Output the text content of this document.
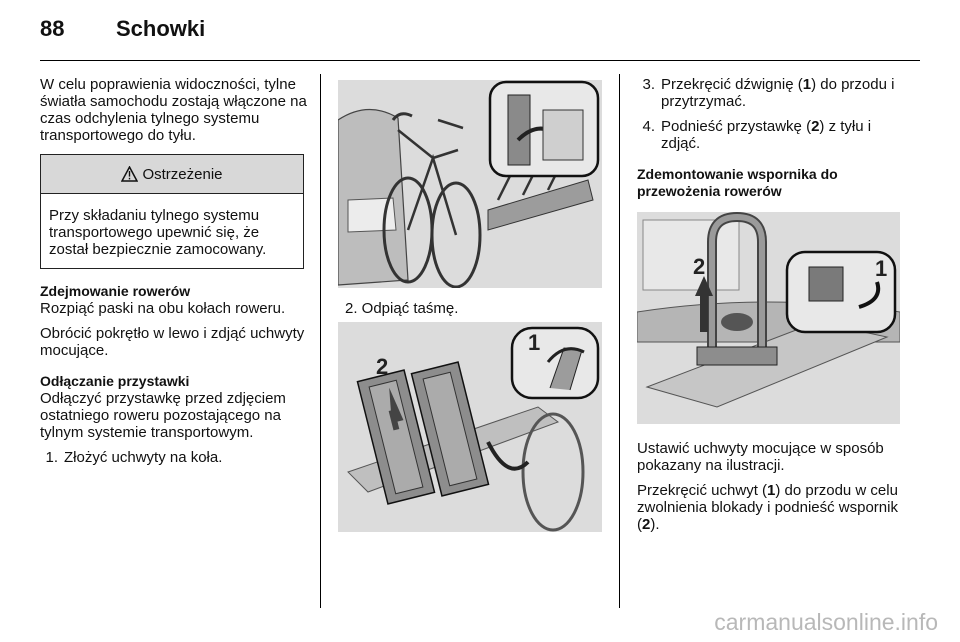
88 Schowki

W celu poprawienia widoczności, tylne światła samochodu zostają włączone na czas odchylenia tylnego systemu transportowego do tyłu.

Ostrzeżenie
Przy składaniu tylnego systemu transportowego upewnić się, że został bezpiecznie zamocowany.
Zdejmowanie rowerów

Rozpiąć paski na obu kołach roweru.

Obrócić pokrętło w lewo i zdjąć uchwyty mocujące.

Odłączanie przystawki

Odłączyć przystawkę przed zdjęciem ostatniego roweru pozostającego na tylnym systemie transportowym.

1. Złożyć uchwyty na koła.
2. Odpiąć taśmę.
1
2
3. Przekręcić dźwignię (1) do przodu i przytrzymać.
4. Podnieść przystawkę (2) z tyłu i zdjąć.
Zdemontowanie wspornika do przewożenia rowerów
1
2

Ustawić uchwyty mocujące w sposób pokazany na ilustracji.

Przekręcić uchwyt (1) do przodu w celu zwolnienia blokady i podnieść wspornik (2).

carmanualsonline.info
